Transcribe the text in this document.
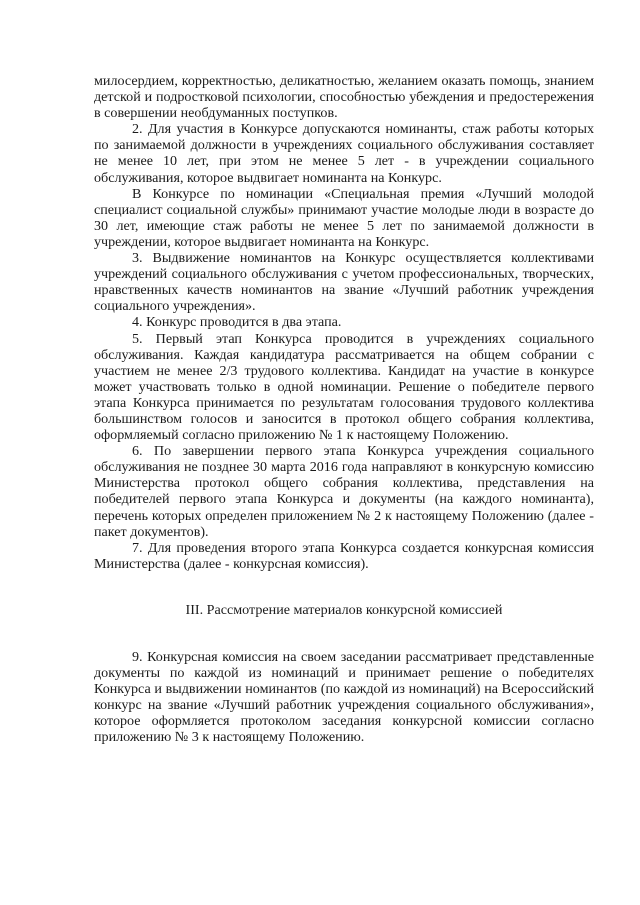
милосердием, корректностью, деликатностью, желанием оказать помощь, знанием детской и подростковой психологии, способностью убеждения и предостережения в совершении необдуманных поступков.

2. Для участия в Конкурсе допускаются номинанты, стаж работы которых по занимаемой должности в учреждениях социального обслуживания составляет не менее 10 лет, при этом не менее 5 лет - в учреждении социального обслуживания, которое выдвигает номинанта на Конкурс.

В Конкурсе по номинации «Специальная премия «Лучший молодой специалист социальной службы» принимают участие молодые люди в возрасте до 30 лет, имеющие стаж работы не менее 5 лет по занимаемой должности в учреждении, которое выдвигает номинанта на Конкурс.

3. Выдвижение номинантов на Конкурс осуществляется коллективами учреждений социального обслуживания с учетом профессиональных, творческих, нравственных качеств номинантов на звание «Лучший работник учреждения социального учреждения».

4. Конкурс проводится в два этапа.

5. Первый этап Конкурса проводится в учреждениях социального обслуживания. Каждая кандидатура рассматривается на общем собрании с участием не менее 2/3 трудового коллектива. Кандидат на участие в конкурсе может участвовать только в одной номинации. Решение о победителе первого этапа Конкурса принимается по результатам голосования трудового коллектива большинством голосов и заносится в протокол общего собрания коллектива, оформляемый согласно приложению № 1 к настоящему Положению.

6. По завершении первого этапа Конкурса учреждения социального обслуживания не позднее 30 марта 2016 года направляют в конкурсную комиссию Министерства протокол общего собрания коллектива, представления на победителей первого этапа Конкурса и документы (на каждого номинанта), перечень которых определен приложением № 2 к настоящему Положению (далее - пакет документов).

7. Для проведения второго этапа Конкурса создается конкурсная комиссия Министерства (далее - конкурсная комиссия).

III. Рассмотрение материалов конкурсной комиссией

9. Конкурсная комиссия на своем заседании рассматривает представленные документы по каждой из номинаций и принимает решение о победителях Конкурса и выдвижении номинантов (по каждой из номинаций) на Всероссийский конкурс на звание «Лучший работник учреждения социального обслуживания», которое оформляется протоколом заседания конкурсной комиссии согласно приложению № 3 к настоящему Положению.
